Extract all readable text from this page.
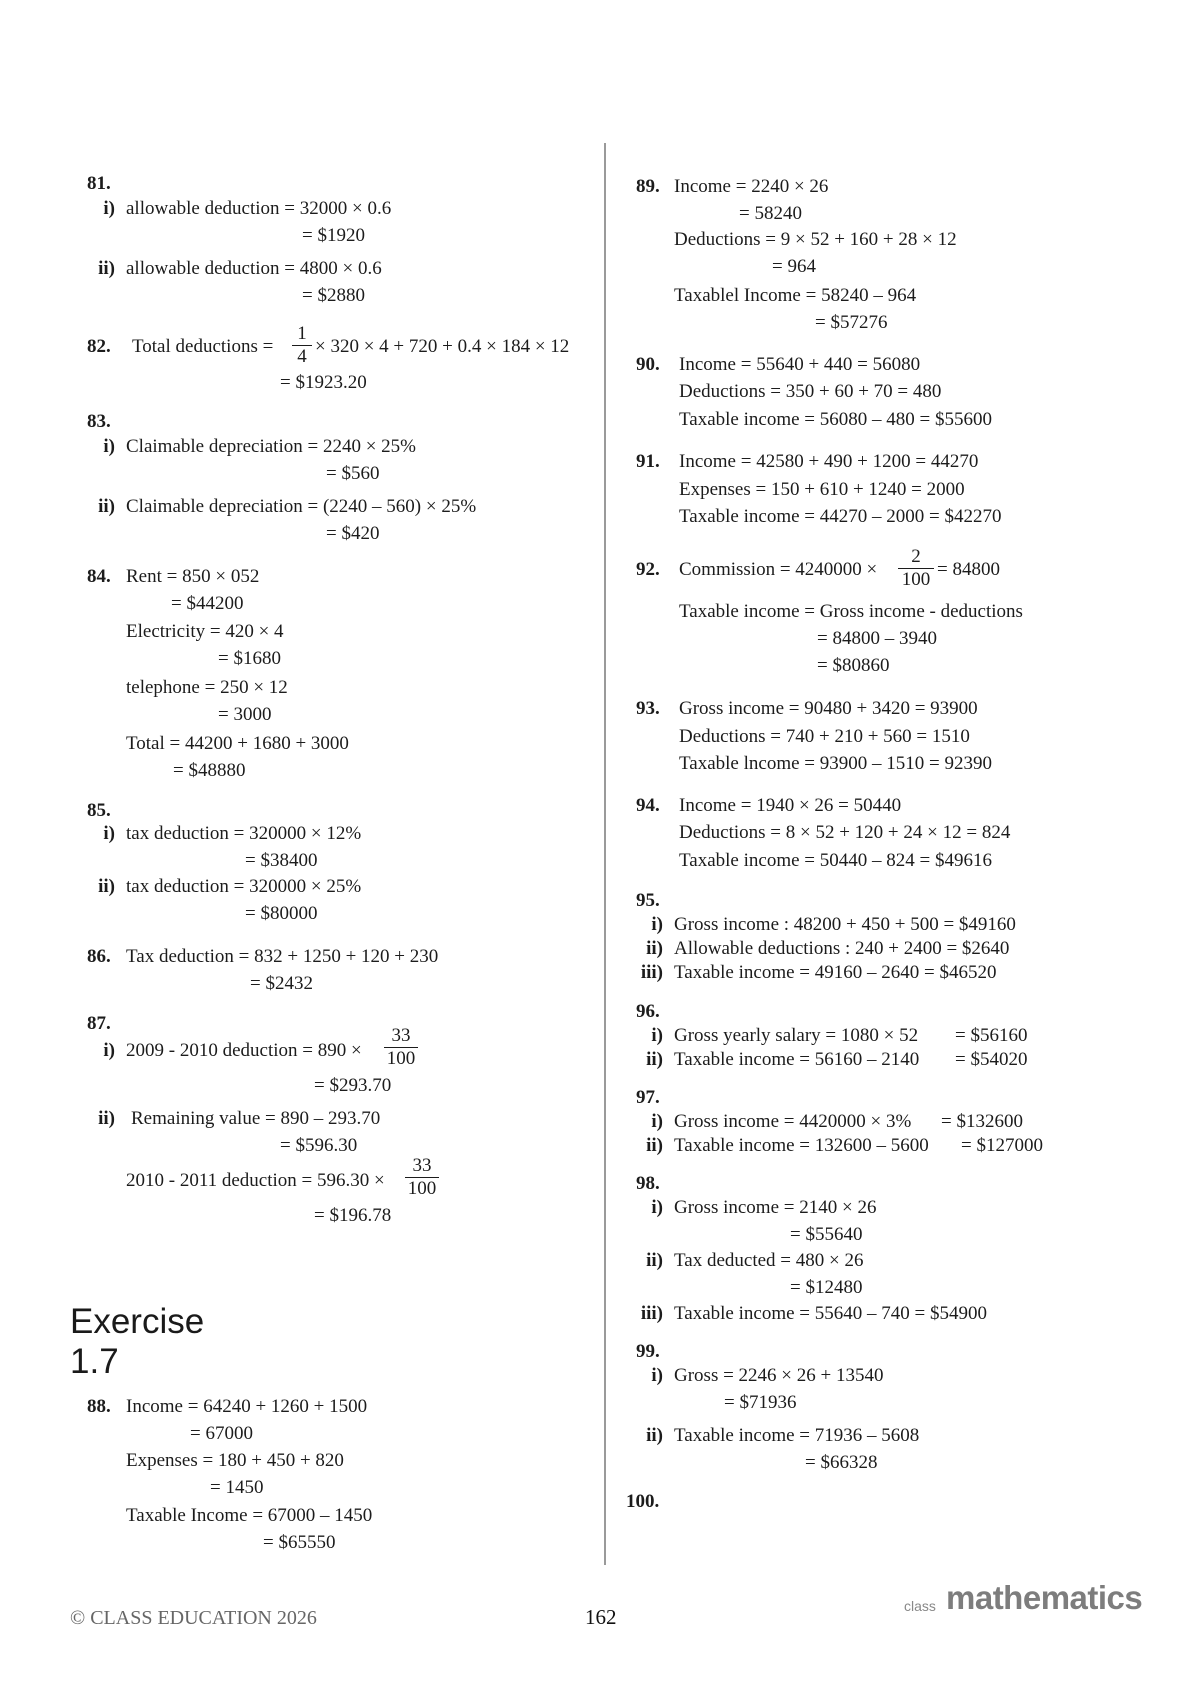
81.
i) allowable deduction = 32000 × 0.6
= $1920
ii) allowable deduction = 4800 × 0.6
= $2880
82. Total deductions = $\frac{1}{4} \times 320 \times 4 + 720 + 0.4 \times 184 \times 12$
= $1923.20
83.
i) Claimable depreciation = 2240 × 25%
= $560
ii) Claimable depreciation = (2240 – 560) × 25%
= $420
84. Rent = 850 × 052
= $44200
Electricity = 420 × 4
= $1680
telephone = 250 × 12
= 3000
Total = 44200 + 1680 + 3000
= $48880
85.
i) tax deduction = 320000 × 12%
= $38400
ii) tax deduction = 320000 × 25%
= $80000
86. Tax deduction = 832 + 1250 + 120 + 230
= $2432
87.
i) 2009 - 2010 deduction = $890 \times \frac{33}{100}$
= $293.70
ii) Remaining value = 890 – 293.70
= $596.30
2010 - 2011 deduction = $596.30 \times \frac{33}{100}$
= $196.78
Exercise 1.7
88. Income = 64240 + 1260 + 1500
= 67000
Expenses = 180 + 450 + 820
= 1450
Taxable Income = 67000 – 1450
= $65550
89. Income = 2240 × 26
= 58240
Deductions = 9 × 52 + 160 + 28 × 12
= 964
Taxablel Income = 58240 – 964
= $57276
90. Income = 55640 + 440 = 56080
Deductions = 350 + 60 + 70 = 480
Taxable income = 56080 – 480 = $55600
91. Income = 42580 + 490 + 1200 = 44270
Expenses = 150 + 610 + 1240 = 2000
Taxable income = 44270 – 2000 = $42270
92. Commission = $4240000 \times \frac{2}{100} = 84800$
Taxable income = Gross income - deductions
= 84800 – 3940
= $80860
93. Gross income = 90480 + 3420 = 93900
Deductions = 740 + 210 + 560 = 1510
Taxable lncome = 93900 – 1510 = 92390
94. Income = 1940 × 26 = 50440
Deductions = 8 × 52 + 120 + 24 × 12 = 824
Taxable income = 50440 – 824 = $49616
95.
i) Gross income : 48200 + 450 + 500 = $49160
ii) Allowable deductions : 240 + 2400 = $2640
iii) Taxable income = 49160 – 2640 = $46520
96.
i) Gross yearly salary = 1080 × 52 = $56160
ii) Taxable income = 56160 – 2140 = $54020
97.
i) Gross income = 4420000 × 3% = $132600
ii) Taxable income = 132600 – 5600 = $127000
98.
i) Gross income = 2140 × 26
= $55640
ii) Tax deducted = 480 × 26
= $12480
iii) Taxable income = 55640 – 740 = $54900
99.
i) Gross = 2246 × 26 + 13540
= $71936
ii) Taxable income = 71936 – 5608
= $66328
100.
© CLASS EDUCATION 2026	162	class mathematics
